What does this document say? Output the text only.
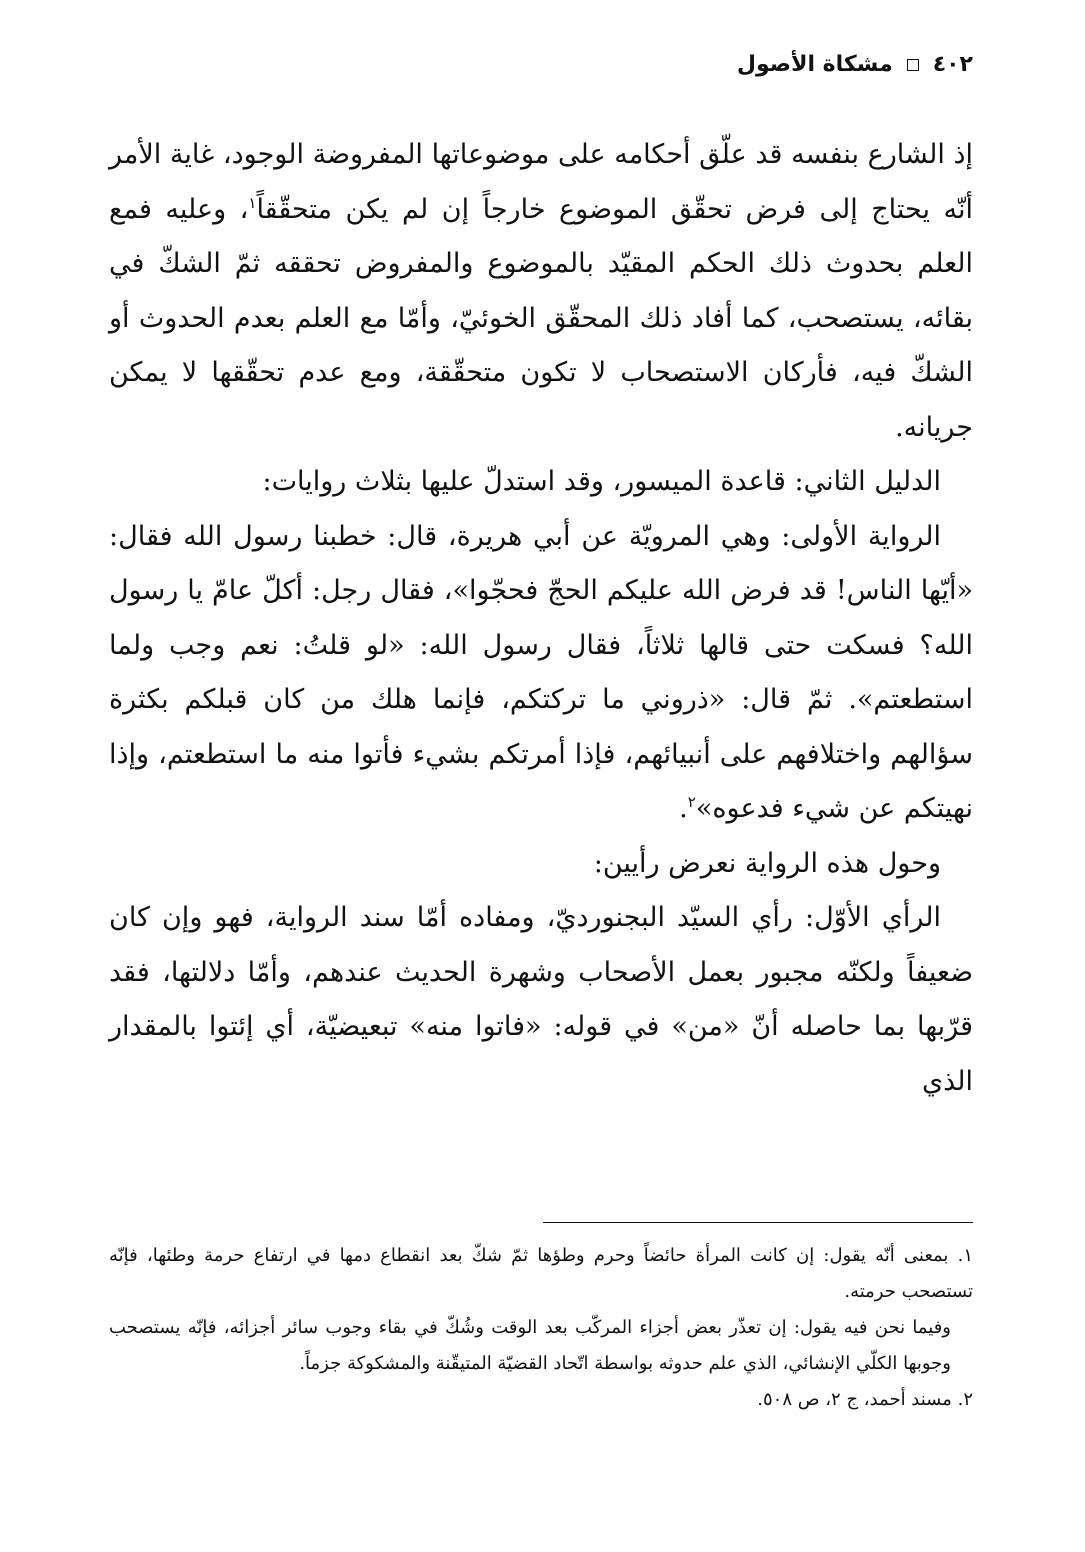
٤٠٢
مشكاة الأصول

إذ الشارع بنفسه قد علّق أحكامه على موضوعاتها المفروضة الوجود، غاية الأمر أنّه يحتاج إلى فرض تحقّق الموضوع خارجاً إن لم يكن متحقّقاً$^١$، وعليه فمع العلم بحدوث ذلك الحكم المقيّد بالموضوع والمفروض تحققه ثمّ الشكّ في بقائه، يستصحب، كما أفاد ذلك المحقّق الخوئيّ، وأمّا مع العلم بعدم الحدوث أو الشكّ فيه، فأركان الاستصحاب لا تكون متحقّقة، ومع عدم تحقّقها لا يمكن جريانه.

الدليل الثاني: قاعدة الميسور، وقد استدلّ عليها بثلاث روايات:

الرواية الأولى: وهي المرويّة عن أبي هريرة، قال: خطبنا رسول الله فقال: «أيّها الناس! قد فرض الله عليكم الحجّ فحجّوا»، فقال رجل: أكلّ عامّ يا رسول الله؟ فسكت حتى قالها ثلاثاً، فقال رسول الله: «لو قلتُ: نعم وجب ولما استطعتم». ثمّ قال: «ذروني ما تركتكم، فإنما هلك من كان قبلكم بكثرة سؤالهم واختلافهم على أنبيائهم، فإذا أمرتكم بشيء فأتوا منه ما استطعتم، وإذا نهيتكم عن شيء فدعوه»$^٢$.

وحول هذه الرواية نعرض رأيين:

الرأي الأوّل: رأي السيّد البجنورديّ، ومفاده أمّا سند الرواية، فهو وإن كان ضعيفاً ولكنّه مجبور بعمل الأصحاب وشهرة الحديث عندهم، وأمّا دلالتها، فقد قرّبها بما حاصله أنّ «من» في قوله: «فاتوا منه» تبعيضيّة، أي إئتوا بالمقدار الذي

١. بمعنى أنّه يقول: إن كانت المرأة حائضاً وحرم وطؤها ثمّ شكّ بعد انقطاع دمها في ارتفاع حرمة وطئها، فإنّه تستصحب حرمته.

وفيما نحن فيه يقول: إن تعذّر بعض أجزاء المركّب بعد الوقت وشُكّ في بقاء وجوب سائر أجزائه، فإنّه يستصحب وجوبها الكلّي الإنشائي، الذي علم حدوثه بواسطة اتّحاد القضيّة المتيقّنة والمشكوكة جزماً.

٢. مسند أحمد، ج ٢، ص ٥٠٨.
